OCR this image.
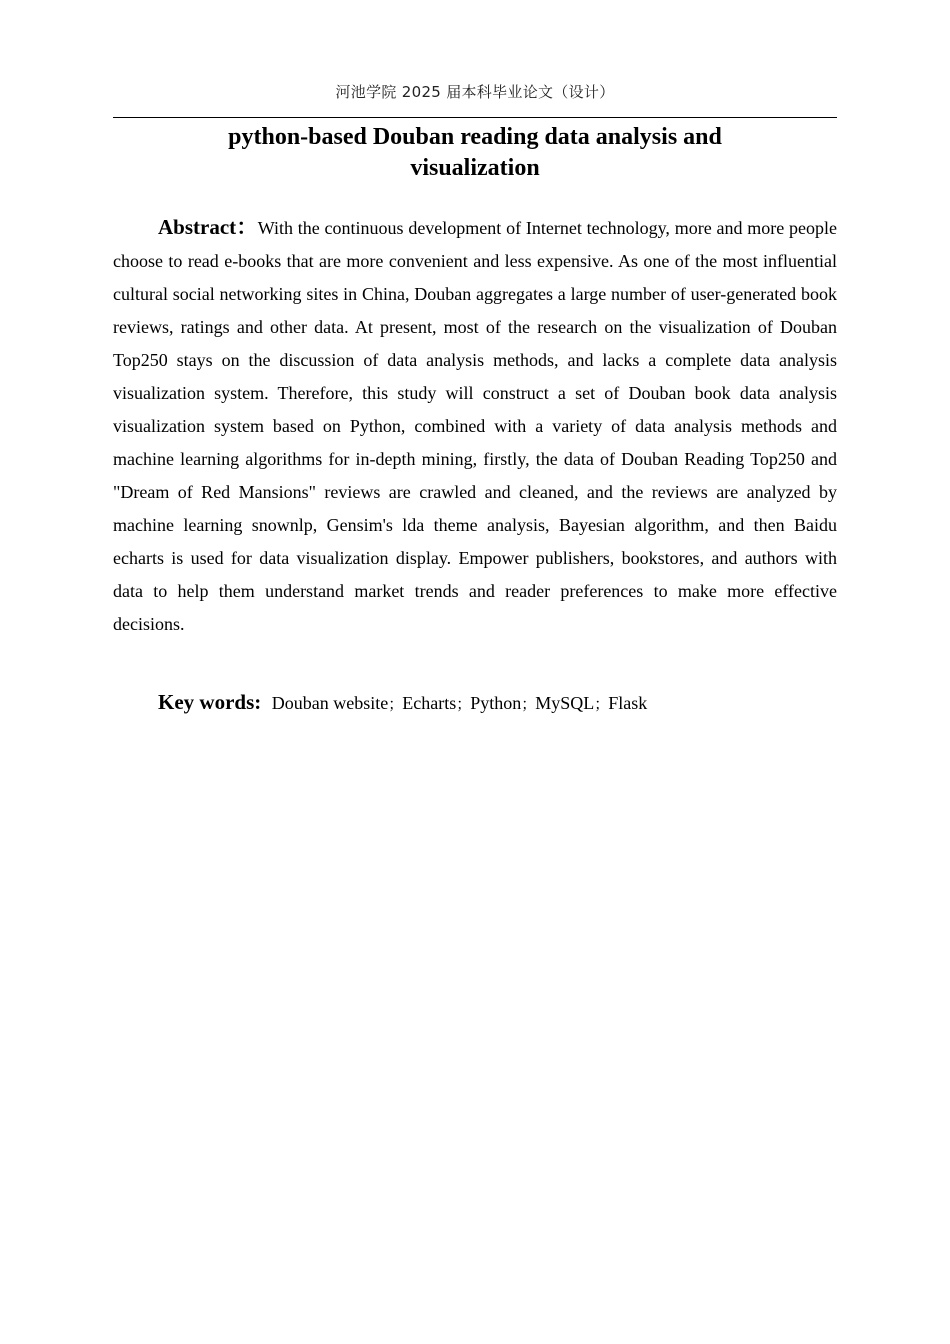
河池学院 2025 届本科毕业论文（设计）
python-based Douban reading data analysis and
visualization

Abstract：With the continuous development of Internet technology, more and more people choose to read e-books that are more convenient and less expensive. As one of the most influential cultural social networking sites in China, Douban aggregates a large number of user-generated book reviews, ratings and other data. At present, most of the research on the visualization of Douban Top250 stays on the discussion of data analysis methods, and lacks a complete data analysis visualization system. Therefore, this study will construct a set of Douban book data analysis visualization system based on Python, combined with a variety of data analysis methods and machine learning algorithms for in-depth mining, firstly, the data of Douban Reading Top250 and "Dream of Red Mansions" reviews are crawled and cleaned, and the reviews are analyzed by machine learning snownlp, Gensim's lda theme analysis, Bayesian algorithm, and then Baidu echarts is used for data visualization display. Empower publishers, bookstores, and authors with data to help them understand market trends and reader preferences to make more effective decisions.

Key words: Douban website；Echarts；Python；MySQL；Flask
